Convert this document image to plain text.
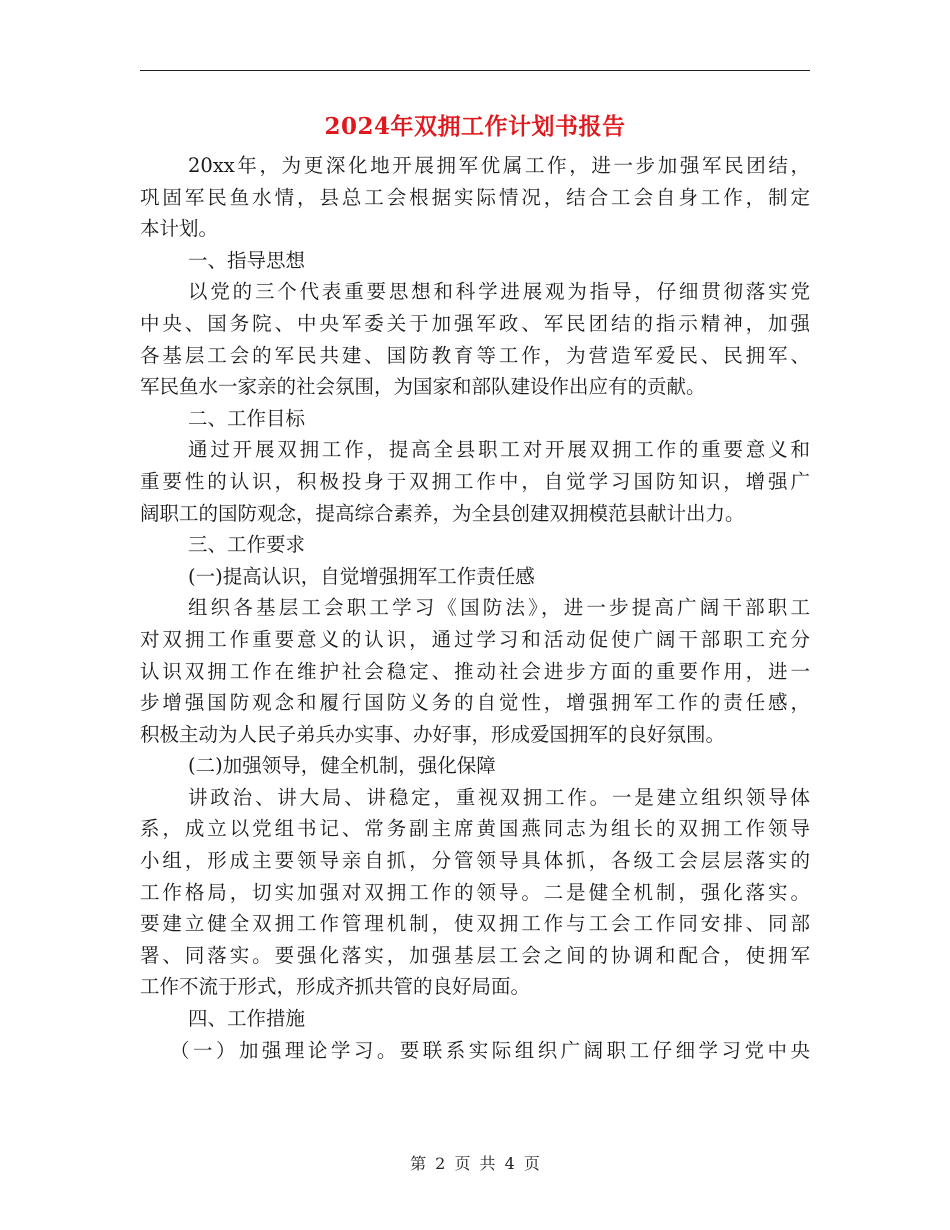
2024年双拥工作计划书报告
20xx年，为更深化地开展拥军优属工作，进一步加强军民团结，
巩固军民鱼水情，县总工会根据实际情况，结合工会自身工作，制定
本计划。
一、指导思想
以党的三个代表重要思想和科学进展观为指导，仔细贯彻落实党
中央、国务院、中央军委关于加强军政、军民团结的指示精神，加强
各基层工会的军民共建、国防教育等工作，为营造军爱民、民拥军、
军民鱼水一家亲的社会氛围，为国家和部队建设作出应有的贡献。
二、工作目标
通过开展双拥工作，提高全县职工对开展双拥工作的重要意义和
重要性的认识，积极投身于双拥工作中，自觉学习国防知识，增强广
阔职工的国防观念，提高综合素养，为全县创建双拥模范县献计出力。
三、工作要求
(一)提高认识，自觉增强拥军工作责任感
组织各基层工会职工学习《国防法》，进一步提高广阔干部职工
对双拥工作重要意义的认识，通过学习和活动促使广阔干部职工充分
认识双拥工作在维护社会稳定、推动社会进步方面的重要作用，进一
步增强国防观念和履行国防义务的自觉性，增强拥军工作的责任感，
积极主动为人民子弟兵办实事、办好事，形成爱国拥军的良好氛围。
(二)加强领导，健全机制，强化保障
讲政治、讲大局、讲稳定，重视双拥工作。一是建立组织领导体
系，成立以党组书记、常务副主席黄国燕同志为组长的双拥工作领导
小组，形成主要领导亲自抓，分管领导具体抓，各级工会层层落实的
工作格局，切实加强对双拥工作的领导。二是健全机制，强化落实。
要建立健全双拥工作管理机制，使双拥工作与工会工作同安排、同部
署、同落实。要强化落实，加强基层工会之间的协调和配合，使拥军
工作不流于形式，形成齐抓共管的良好局面。
四、工作措施
（一）加强理论学习。要联系实际组织广阔职工仔细学习党中央
第 2 页 共 4 页
